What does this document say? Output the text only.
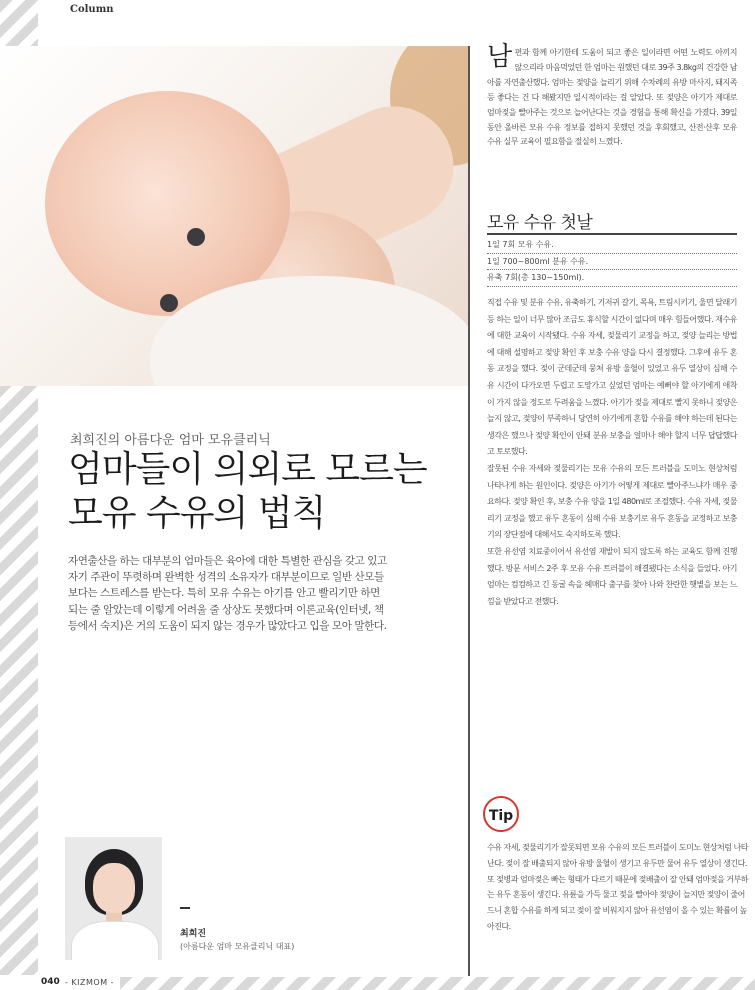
Column
최희진의 아름다운 엄마 모유클리닉
엄마들이 의외로 모르는
모유 수유의 법칙
자연출산을 하는 대부분의 엄마들은 육아에 대한 특별한 관심을 갖고 있고 자기 주관이 뚜렷하며 완벽한 성격의 소유자가 대부분이므로 일반 산모들보다는 스트레스를 받는다. 특히 모유 수유는 아기를 안고 빨리기만 하면 되는 줄 알았는데 이렇게 어려울 줄 상상도 못했다며 이론교육(인터넷, 책 등에서 숙지)은 거의 도움이 되지 않는 경우가 많았다고 입을 모아 말한다.
최희진
(아름다운 엄마 모유클리닉 대표)
남편과 함께 아기한테 도움이 되고 좋은 일이라면 어떤 노력도 아끼지 않으리라 마음먹었던 한 엄마는 원했던 대로 39주 3.8kg의 건강한 남아를 자연출산했다. 엄마는 젖양을 늘리기 위해 수차례의 유방 마사지, 돼지족 등 좋다는 건 다 해봤지만 일시적이라는 걸 알았다. 또 젖양은 아기가 제대로 엄마젖을 빨아주는 것으로 늘어난다는 것을 경험을 통해 확신을 가졌다. 39일 동안 올바른 모유 수유 정보를 접하지 못했던 것을 후회했고, 산전·산후 모유 수유 실무 교육이 필요함을 절실히 느꼈다.
모유 수유 첫날
1일 7회 모유 수유.
1일 700~800ml 분유 수유.
유축 7회(총 130~150ml).
직접 수유 및 분유 수유, 유축하기, 기저귀 갈기, 목욕, 트림시키기, 울면 달래기 등 하는 일이 너무 많아 조금도 휴식할 시간이 없다며 매우 힘들어했다. 재수유에 대한 교육이 시작됐다. 수유 자세, 젖물리기 교정을 하고, 젖양 늘리는 방법에 대해 설명하고 젖양 확인 후 보충 수유 양을 다시 결정했다. 그후에 유두 혼동 교정을 했다. 젖이 군데군데 뭉쳐 유방 울혈이 있었고 유두 열상이 심해 수유 시간이 다가오면 두렵고 도망가고 싶었던 엄마는 예뻐야 할 아기에게 애착이 가지 않을 정도로 두려움을 느꼈다. 아기가 젖을 제대로 빨지 못하니 젖양은 늘지 않고, 젖양이 부족하니 당연히 아기에게 혼합 수유를 해야 하는데 된다는 생각은 했으나 젖양 확인이 안돼 분유 보충을 얼마나 해야 할지 너무 답답했다고 토로했다.
잘못된 수유 자세와 젖물리기는 모유 수유의 모든 트러블을 도미노 현상처럼 나타나게 하는 원인이다. 젖양은 아기가 어떻게 제대로 빨아주느냐가 매우 중요하다. 젖양 확인 후, 보충 수유 양을 1일 480ml로 조절했다. 수유 자세, 젖물리기 교정을 했고 유두 혼동이 심해 수유 보충기로 유두 혼동을 교정하고 보충기의 장단점에 대해서도 숙지하도록 했다.
또한 유선염 치료중이어서 유선염 재발이 되지 않도록 하는 교육도 함께 진행했다. 방문 서비스 2주 후 모유 수유 트러블이 해결됐다는 소식을 들었다. 아기 엄마는 컴컴하고 긴 동굴 속을 헤매다 출구를 찾아 나와 찬란한 햇볕을 보는 느낌을 받았다고 전했다.
Tip
수유 자세, 젖물리기가 잘못되면 모유 수유의 모든 트러블이 도미노 현상처럼 나타난다. 젖이 잘 배출되지 않아 유방 울혈이 생기고 유두만 물어 유두 열상이 생긴다. 또 젖병과 엄마젖은 빠는 형태가 다르기 때문에 젖배출이 잘 안돼 엄마젖을 거부하는 유두 혼동이 생긴다. 유륜을 가득 물고 젖을 빨아야 젖양이 늘지만 젖양이 줄어드니 혼합 수유를 하게 되고 젖이 잘 비워지지 않아 유선염이 올 수 있는 확률이 높아진다.
040 - KIZMOM -
